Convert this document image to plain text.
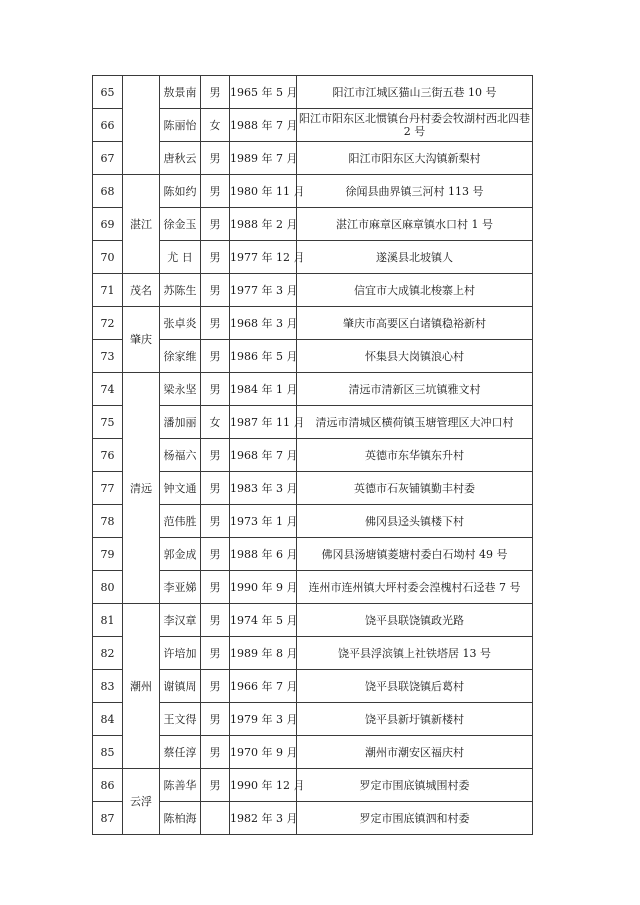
65		敖景南	男	1965 年 5 月	阳江市江城区猫山三街五巷 10 号
66		陈丽怡	女	1988 年 7 月	阳江市阳东区北惯镇台丹村委会牧湖村西北四巷 2 号
67		唐秋云	男	1989 年 7 月	阳江市阳东区大沟镇新梨村
68	湛江	陈如约	男	1980 年 11 月	徐闻县曲界镇三河村 113 号
69		徐金玉	男	1988 年 2 月	湛江市麻章区麻章镇水口村 1 号
70		尤 日	男	1977 年 12 月	遂溪县北坡镇人
71	茂名	苏陈生	男	1977 年 3 月	信宜市大成镇北梭寨上村
72	肇庆	张卓炎	男	1968 年 3 月	肇庆市高要区白诸镇稳裕新村
73		徐家维	男	1986 年 5 月	怀集县大岗镇浪心村
74	清远	梁永坚	男	1984 年 1 月	清远市清新区三坑镇雅文村
75		潘加丽	女	1987 年 11 月	清远市清城区横荷镇玉塘管理区大冲口村
76		杨福六	男	1968 年 7 月	英德市东华镇东升村
77		钟文通	男	1983 年 3 月	英德市石灰铺镇勤丰村委
78		范伟胜	男	1973 年 1 月	佛冈县迳头镇楼下村
79		郭金成	男	1988 年 6 月	佛冈县汤塘镇菱塘村委白石坳村 49 号
80		李亚娣	男	1990 年 9 月	连州市连州镇大坪村委会湟槐村石迳巷 7 号
81	潮州	李汉章	男	1974 年 5 月	饶平县联饶镇政光路
82		许培加	男	1989 年 8 月	饶平县浮滨镇上社铁塔居 13 号
83		谢镇周	男	1966 年 7 月	饶平县联饶镇后葛村
84		王文得	男	1979 年 3 月	饶平县新圩镇新楼村
85		蔡任淳	男	1970 年 9 月	潮州市潮安区福庆村
86	云浮	陈善华	男	1990 年 12 月	罗定市围底镇城围村委
87		陈柏海		1982 年 3 月	罗定市围底镇泗和村委
